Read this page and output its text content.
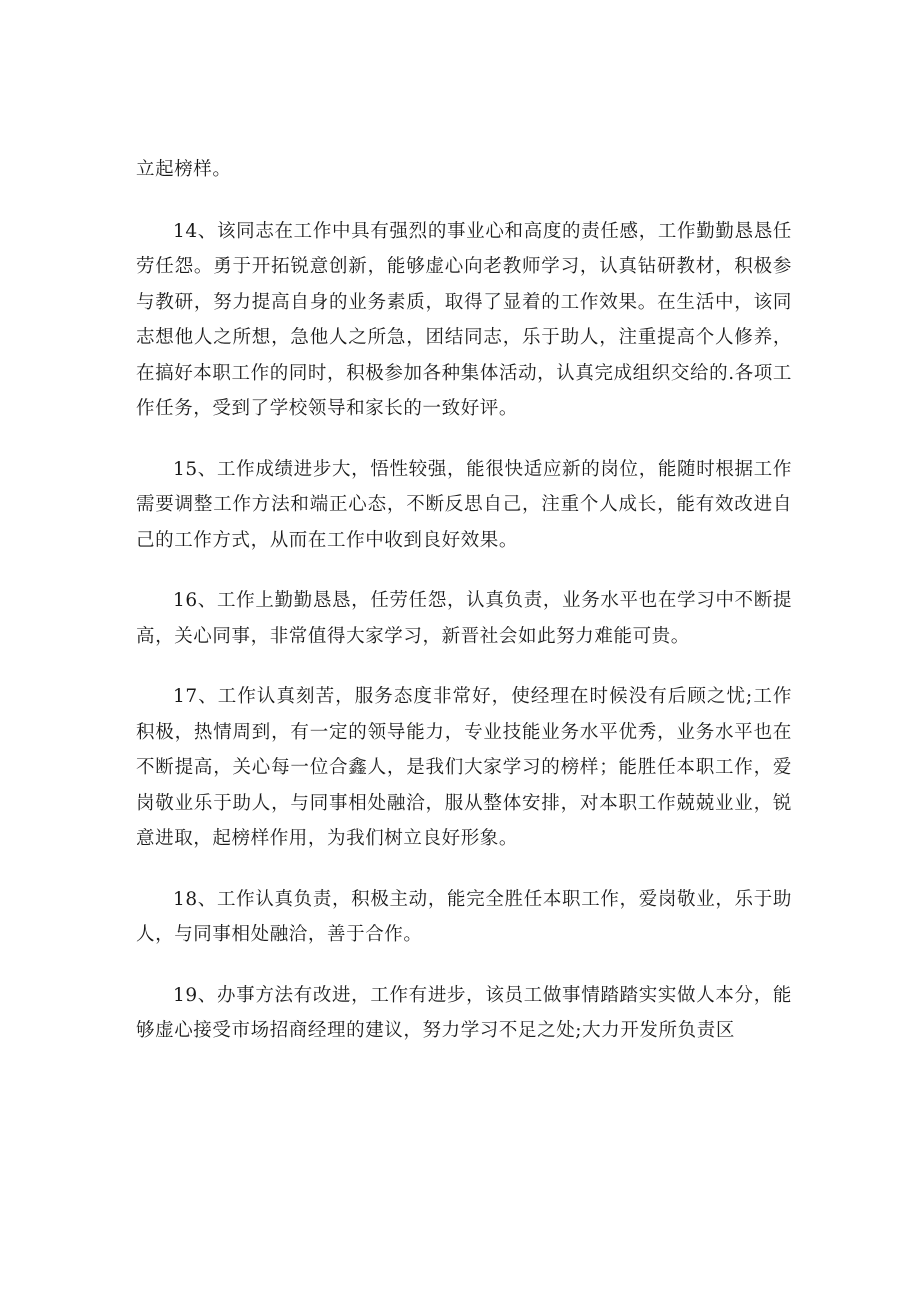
立起榜样。

14、该同志在工作中具有强烈的事业心和高度的责任感，工作勤勤恳恳任劳任怨。勇于开拓锐意创新，能够虚心向老教师学习，认真钻研教材，积极参与教研，努力提高自身的业务素质，取得了显着的工作效果。在生活中，该同志想他人之所想，急他人之所急，团结同志，乐于助人，注重提高个人修养，在搞好本职工作的同时，积极参加各种集体活动，认真完成组织交给的.各项工作任务，受到了学校领导和家长的一致好评。

15、工作成绩进步大，悟性较强，能很快适应新的岗位，能随时根据工作需要调整工作方法和端正心态，不断反思自己，注重个人成长，能有效改进自己的工作方式，从而在工作中收到良好效果。

16、工作上勤勤恳恳，任劳任怨，认真负责，业务水平也在学习中不断提高，关心同事，非常值得大家学习，新晋社会如此努力难能可贵。

17、工作认真刻苦，服务态度非常好，使经理在时候没有后顾之忧;工作积极，热情周到，有一定的领导能力，专业技能业务水平优秀，业务水平也在不断提高，关心每一位合鑫人，是我们大家学习的榜样；能胜任本职工作，爱岗敬业乐于助人，与同事相处融洽，服从整体安排，对本职工作兢兢业业，锐意进取，起榜样作用，为我们树立良好形象。

18、工作认真负责，积极主动，能完全胜任本职工作，爱岗敬业，乐于助人，与同事相处融洽，善于合作。

19、办事方法有改进，工作有进步，该员工做事情踏踏实实做人本分，能够虚心接受市场招商经理的建议，努力学习不足之处;大力开发所负责区
